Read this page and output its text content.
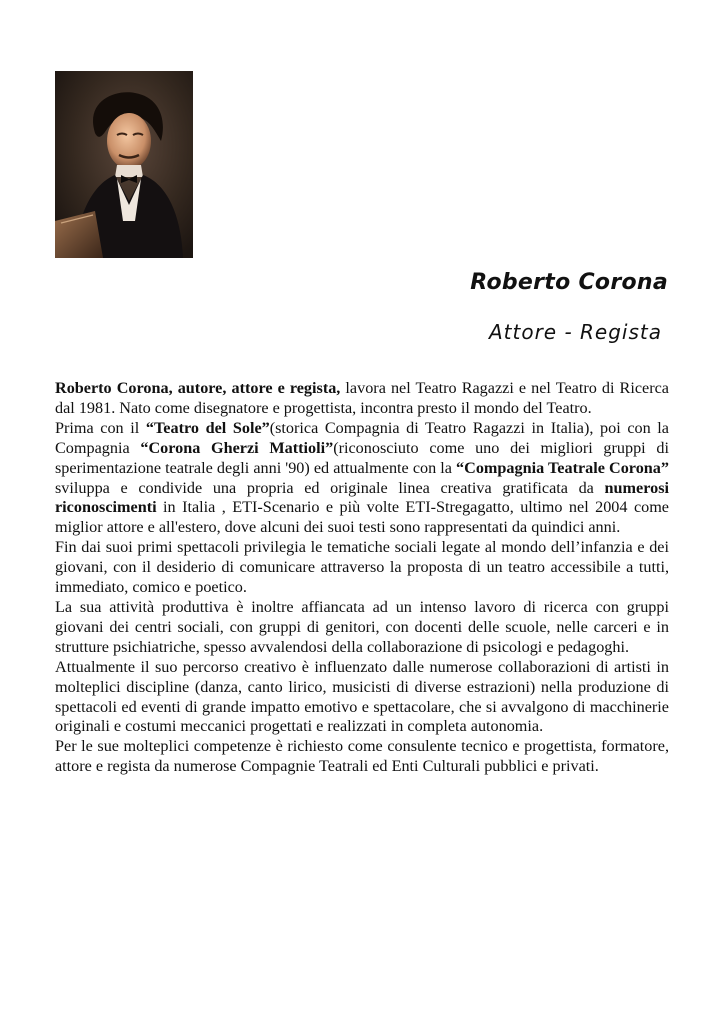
Roberto Corona
Attore - Regista

Roberto Corona, autore, attore e regista, lavora nel Teatro Ragazzi e nel Teatro di Ricerca dal 1981. Nato come disegnatore e progettista, incontra presto il mondo del Teatro.

Prima con il “Teatro del Sole”(storica Compagnia di Teatro Ragazzi in Italia), poi con la Compagnia “Corona Gherzi Mattioli”(riconosciuto come uno dei migliori gruppi di sperimentazione teatrale degli anni '90) ed attualmente con la “Compagnia Teatrale Corona” sviluppa e condivide una propria ed originale linea creativa gratificata da numerosi riconoscimenti in Italia , ETI-Scenario e più volte ETI-Stregagatto, ultimo nel 2004 come miglior attore e all'estero, dove alcuni dei suoi testi sono rappresentati da quindici anni.

Fin dai suoi primi spettacoli privilegia le tematiche sociali legate al mondo dell’infanzia e dei giovani, con il desiderio di comunicare attraverso la proposta di un teatro accessibile a tutti, immediato, comico e poetico.

La sua attività produttiva è inoltre affiancata ad un intenso lavoro di ricerca con gruppi giovani dei centri sociali, con gruppi di genitori, con docenti delle scuole, nelle carceri e in strutture psichiatriche, spesso avvalendosi della collaborazione di psicologi e pedagoghi.

Attualmente il suo percorso creativo è influenzato dalle numerose collaborazioni di artisti in molteplici discipline (danza, canto lirico, musicisti di diverse estrazioni) nella produzione di spettacoli ed eventi di grande impatto emotivo e spettacolare, che si avvalgono di macchinerie originali e costumi meccanici progettati e realizzati in completa autonomia.

Per le sue molteplici competenze è richiesto come consulente tecnico e progettista, formatore, attore e regista da numerose Compagnie Teatrali ed Enti Culturali pubblici e privati.
